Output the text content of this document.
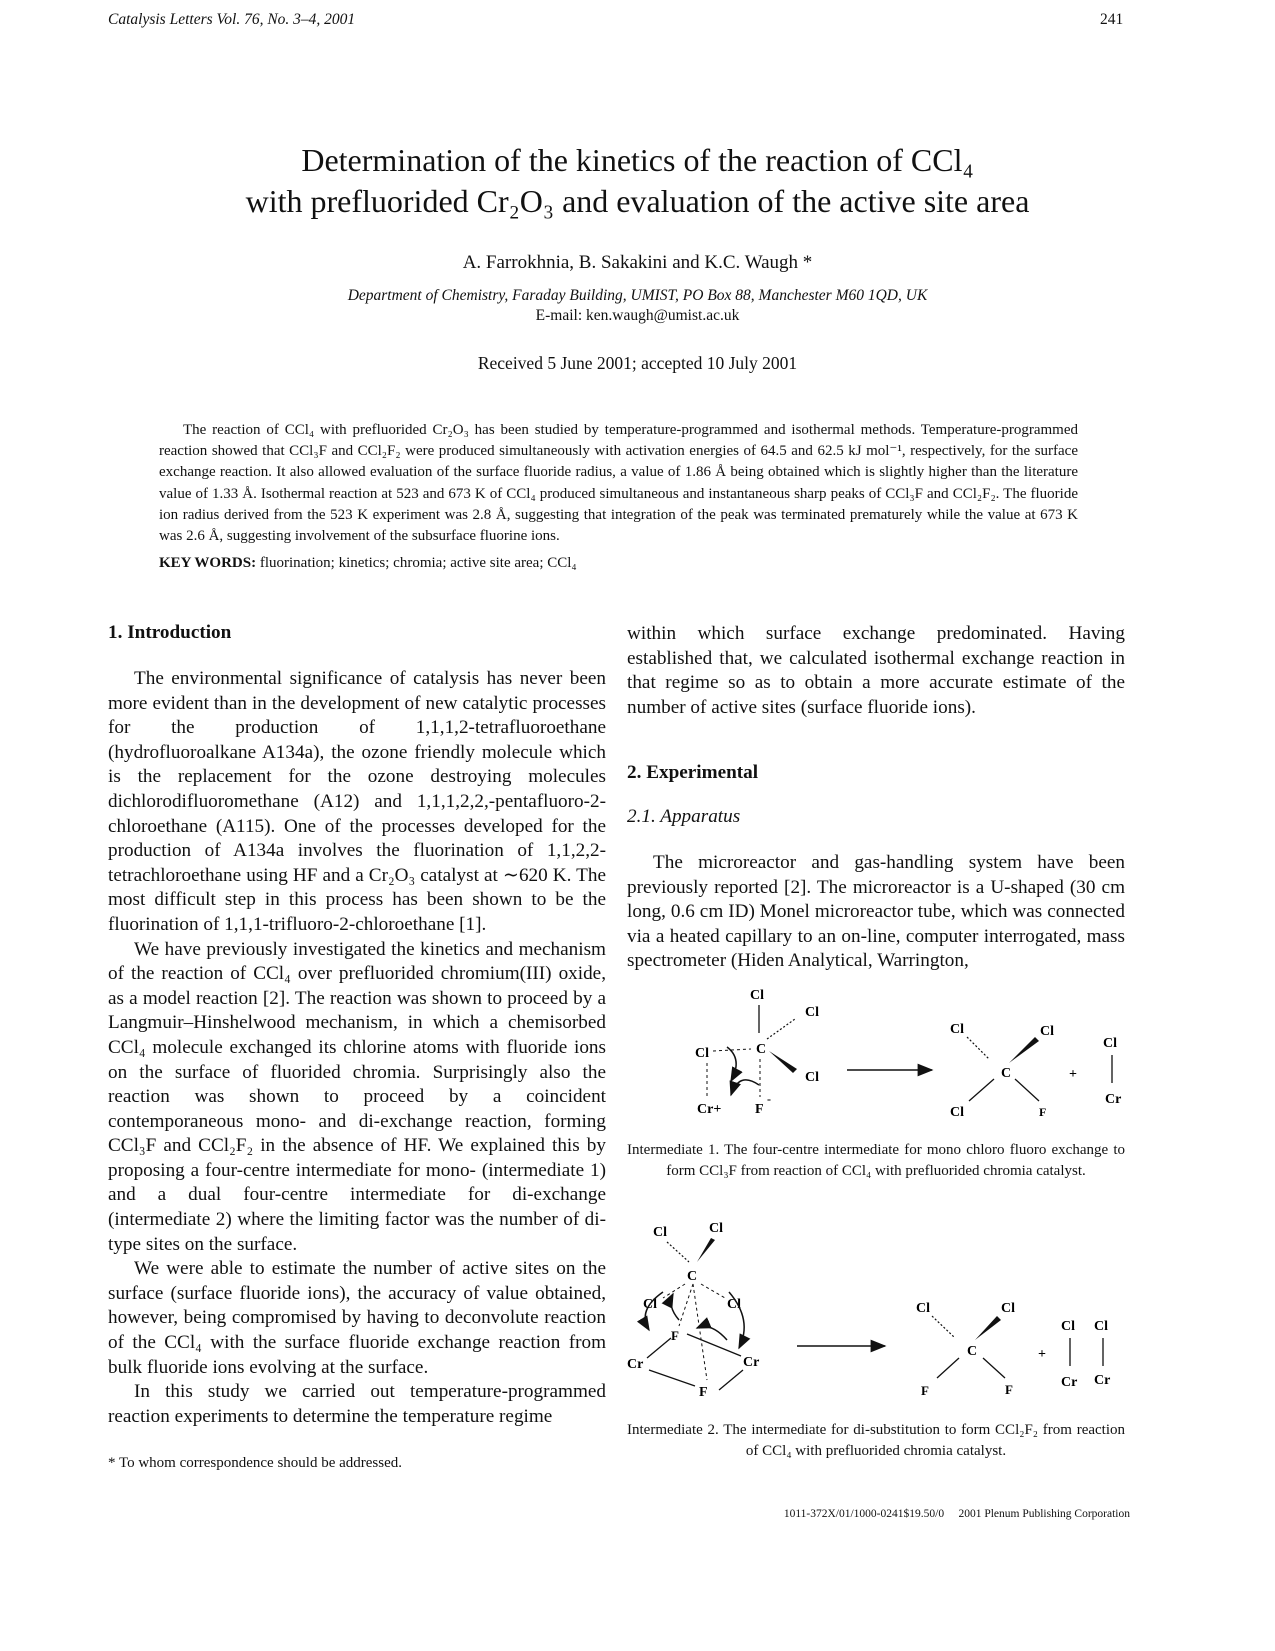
Catalysis Letters Vol. 76, No. 3–4, 2001	241
Determination of the kinetics of the reaction of CCl₄
with prefluorided Cr₂O₃ and evaluation of the active site area
A. Farrokhnia, B. Sakakini and K.C. Waugh *
Department of Chemistry, Faraday Building, UMIST, PO Box 88, Manchester M60 1QD, UK
E-mail: ken.waugh@umist.ac.uk
Received 5 June 2001; accepted 10 July 2001

The reaction of CCl₄ with prefluorided Cr₂O₃ has been studied by temperature-programmed and isothermal methods. Temperature-programmed reaction showed that CCl₃F and CCl₂F₂ were produced simultaneously with activation energies of 64.5 and 62.5 kJ mol⁻¹, respectively, for the surface exchange reaction. It also allowed evaluation of the surface fluoride radius, a value of 1.86 Å being obtained which is slightly higher than the literature value of 1.33 Å. Isothermal reaction at 523 and 673 K of CCl₄ produced simultaneous and instantaneous sharp peaks of CCl₃F and CCl₂F₂. The fluoride ion radius derived from the 523 K experiment was 2.8 Å, suggesting that integration of the peak was terminated prematurely while the value at 673 K was 2.6 Å, suggesting involvement of the subsurface fluorine ions.

KEY WORDS: fluorination; kinetics; chromia; active site area; CCl₄
1. Introduction

The environmental significance of catalysis has never been more evident than in the development of new catalytic processes for the production of 1,1,1,2-tetrafluoroethane (hydrofluoroalkane A134a), the ozone friendly molecule which is the replacement for the ozone destroying molecules dichlorodifluoromethane (A12) and 1,1,1,2,2,-pentafluoro-2-chloroethane (A115). One of the processes developed for the production of A134a involves the fluorination of 1,1,2,2-tetrachloroethane using HF and a Cr₂O₃ catalyst at ∼620 K. The most difficult step in this process has been shown to be the fluorination of 1,1,1-trifluoro-2-chloroethane [1].

We have previously investigated the kinetics and mechanism of the reaction of CCl₄ over prefluorided chromium(III) oxide, as a model reaction [2]. The reaction was shown to proceed by a Langmuir–Hinshelwood mechanism, in which a chemisorbed CCl₄ molecule exchanged its chlorine atoms with fluoride ions on the surface of fluorided chromia. Surprisingly also the reaction was shown to proceed by a coincident contemporaneous mono- and di-exchange reaction, forming CCl₃F and CCl₂F₂ in the absence of HF. We explained this by proposing a four-centre intermediate for mono- (intermediate 1) and a dual four-centre intermediate for di-exchange (intermediate 2) where the limiting factor was the number of di-type sites on the surface.

We were able to estimate the number of active sites on the surface (surface fluoride ions), the accuracy of value obtained, however, being compromised by having to deconvolute reaction of the CCl₄ with the surface fluoride exchange reaction from bulk fluoride ions evolving at the surface.

In this study we carried out temperature-programmed reaction experiments to determine the temperature regime

* To whom correspondence should be addressed.

within which surface exchange predominated. Having established that, we calculated isothermal exchange reaction in that regime so as to obtain a more accurate estimate of the number of active sites (surface fluoride ions).

2. Experimental
2.1. Apparatus

The microreactor and gas-handling system have been previously reported [2]. The microreactor is a U-shaped (30 cm long, 0.6 cm ID) Monel microreactor tube, which was connected via a heated capillary to an on-line, computer interrogated, mass spectrometer (Hiden Analytical, Warrington,

Cl
Cl
C
Cl
Cl
Cr+ F
-
Cl	Cl
C
Cl	F
+
Cl
Cr
Intermediate 1. The four-centre intermediate for mono chloro fluoro exchange to form CCl₃F from reaction of CCl₄ with prefluorided chromia catalyst.
Cl	Cl
C
Cl	Cl
F
Cr	Cr
F
Cl	Cl
C
F	F
+
Cl
Cr
Cl
Cr
Intermediate 2. The intermediate for di-substitution to form CCl₂F₂ from reaction of CCl₄ with prefluorided chromia catalyst.
1011-372X/01/1000-0241$19.50/0 2001 Plenum Publishing Corporation
